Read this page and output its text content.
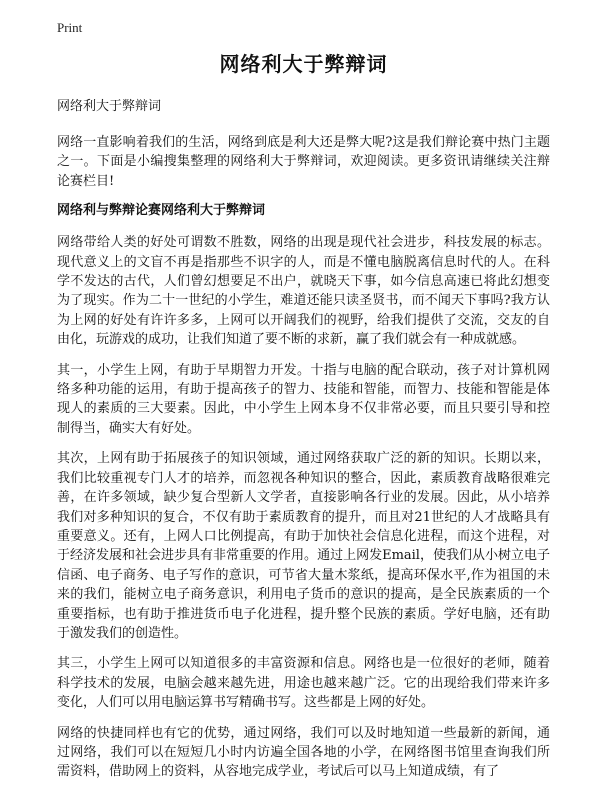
Print
网络利大于弊辩词
网络利大于弊辩词

网络一直影响着我们的生活，网络到底是利大还是弊大呢?这是我们辩论赛中热门主题之一。下面是小编搜集整理的网络利大于弊辩词，欢迎阅读。更多资讯请继续关注辩论赛栏目!

网络利与弊辩论赛网络利大于弊辩词

网络带给人类的好处可谓数不胜数，网络的出现是现代社会进步，科技发展的标志。现代意义上的文盲不再是指那些不识字的人，而是不懂电脑脱离信息时代的人。在科学不发达的古代，人们曾幻想要足不出户，就晓天下事，如今信息高速已将此幻想变为了现实。作为二十一世纪的小学生，难道还能只读圣贤书，而不闻天下事吗?我方认为上网的好处有许许多多，上网可以开阔我们的视野，给我们提供了交流，交友的自由化，玩游戏的成功，让我们知道了要不断的求新，赢了我们就会有一种成就感。

其一，小学生上网，有助于早期智力开发。十指与电脑的配合联动，孩子对计算机网络多种功能的运用，有助于提高孩子的智力、技能和智能，而智力、技能和智能是体现人的素质的三大要素。因此，中小学生上网本身不仅非常必要，而且只要引导和控制得当，确实大有好处。

其次，上网有助于拓展孩子的知识领域，通过网络获取广泛的新的知识。长期以来，我们比较重视专门人才的培养，而忽视各种知识的整合，因此，素质教育战略很难完善，在许多领域，缺少复合型新人文学者，直接影响各行业的发展。因此，从小培养我们对多种知识的复合，不仅有助于素质教育的提升，而且对21世纪的人才战略具有重要意义。还有，上网人口比例提高，有助于加快社会信息化进程，而这个进程，对于经济发展和社会进步具有非常重要的作用。通过上网发Email，使我们从小树立电子信函、电子商务、电子写作的意识，可节省大量木浆纸，提高环保水平,作为祖国的未来的我们，能树立电子商务意识，利用电子货币的意识的提高，是全民族素质的一个重要指标，也有助于推进货币电子化进程，提升整个民族的素质。学好电脑，还有助于激发我们的创造性。

其三，小学生上网可以知道很多的丰富资源和信息。网络也是一位很好的老师，随着科学技术的发展，电脑会越来越先进，用途也越来越广泛。它的出现给我们带来许多变化，人们可以用电脑运算书写精确书写。这些都是上网的好处。

网络的快捷同样也有它的优势，通过网络，我们可以及时地知道一些最新的新闻，通过网络，我们可以在短短几小时内访遍全国各地的小学，在网络图书馆里查询我们所需资料，借助网上的资料，从容地完成学业，考试后可以马上知道成绩，有了
